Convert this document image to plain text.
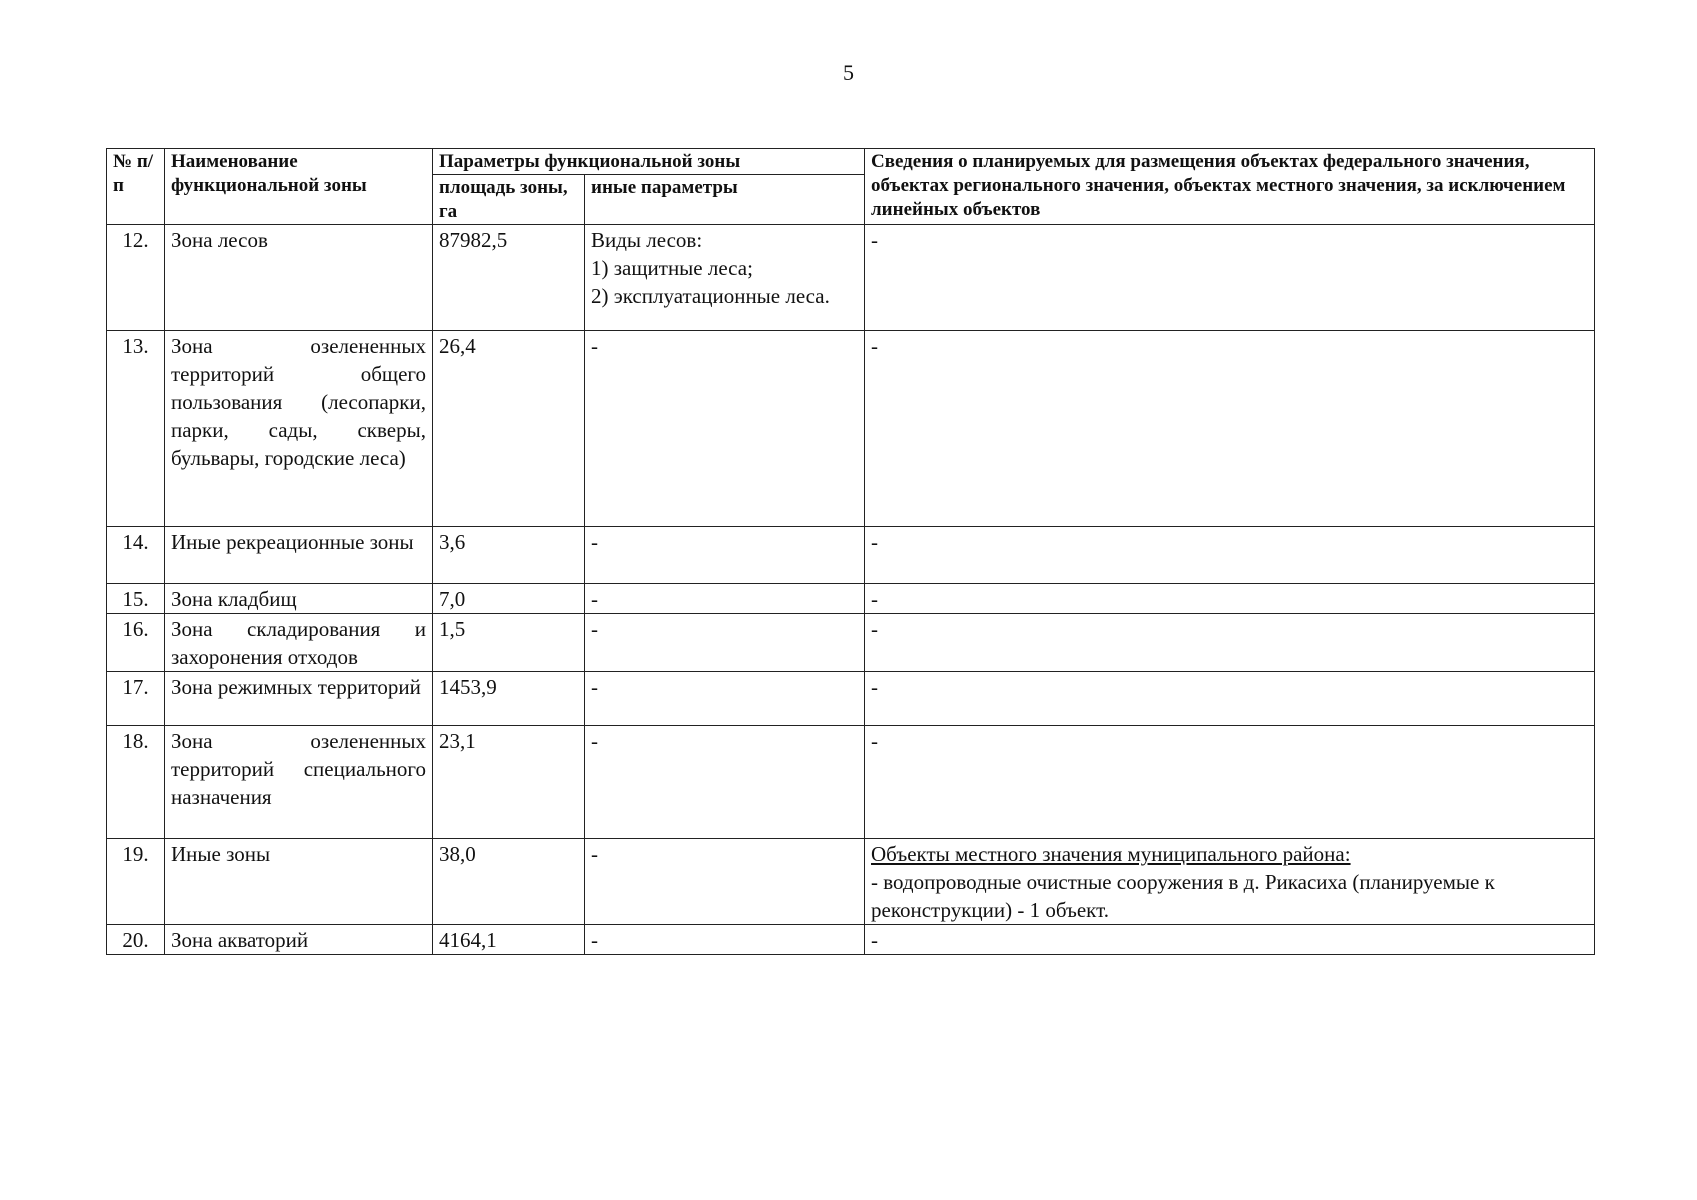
5
№ п/п	Наименование функциональной зоны	Параметры функциональной зоны		Сведения о планируемых для размещения объектах федерального значения, объектах регионального значения, объектах местного значения, за исключением линейных объектов
		площадь зоны, га	иные параметры	
12.	Зона лесов	87982,5	Виды лесов:
1) защитные леса;
2) эксплуатационные леса.	-
13.	Зона озелененных территорий общего пользования (лесопарки, парки, сады, скверы, бульвары, городские леса)	26,4	-	-
14.	Иные рекреационные зоны	3,6	-	-
15.	Зона кладбищ	7,0	-	-
16.	Зона складирования и захоронения отходов	1,5	-	-
17.	Зона режимных территорий	1453,9	-	-
18.	Зона озелененных территорий специального назначения	23,1	-	-
19.	Иные зоны	38,0	-	Объекты местного значения муниципального района:
- водопроводные очистные сооружения в д. Рикасиха (планируемые к реконструкции) - 1 объект.

20.	Зона акваторий	4164,1	-	-
